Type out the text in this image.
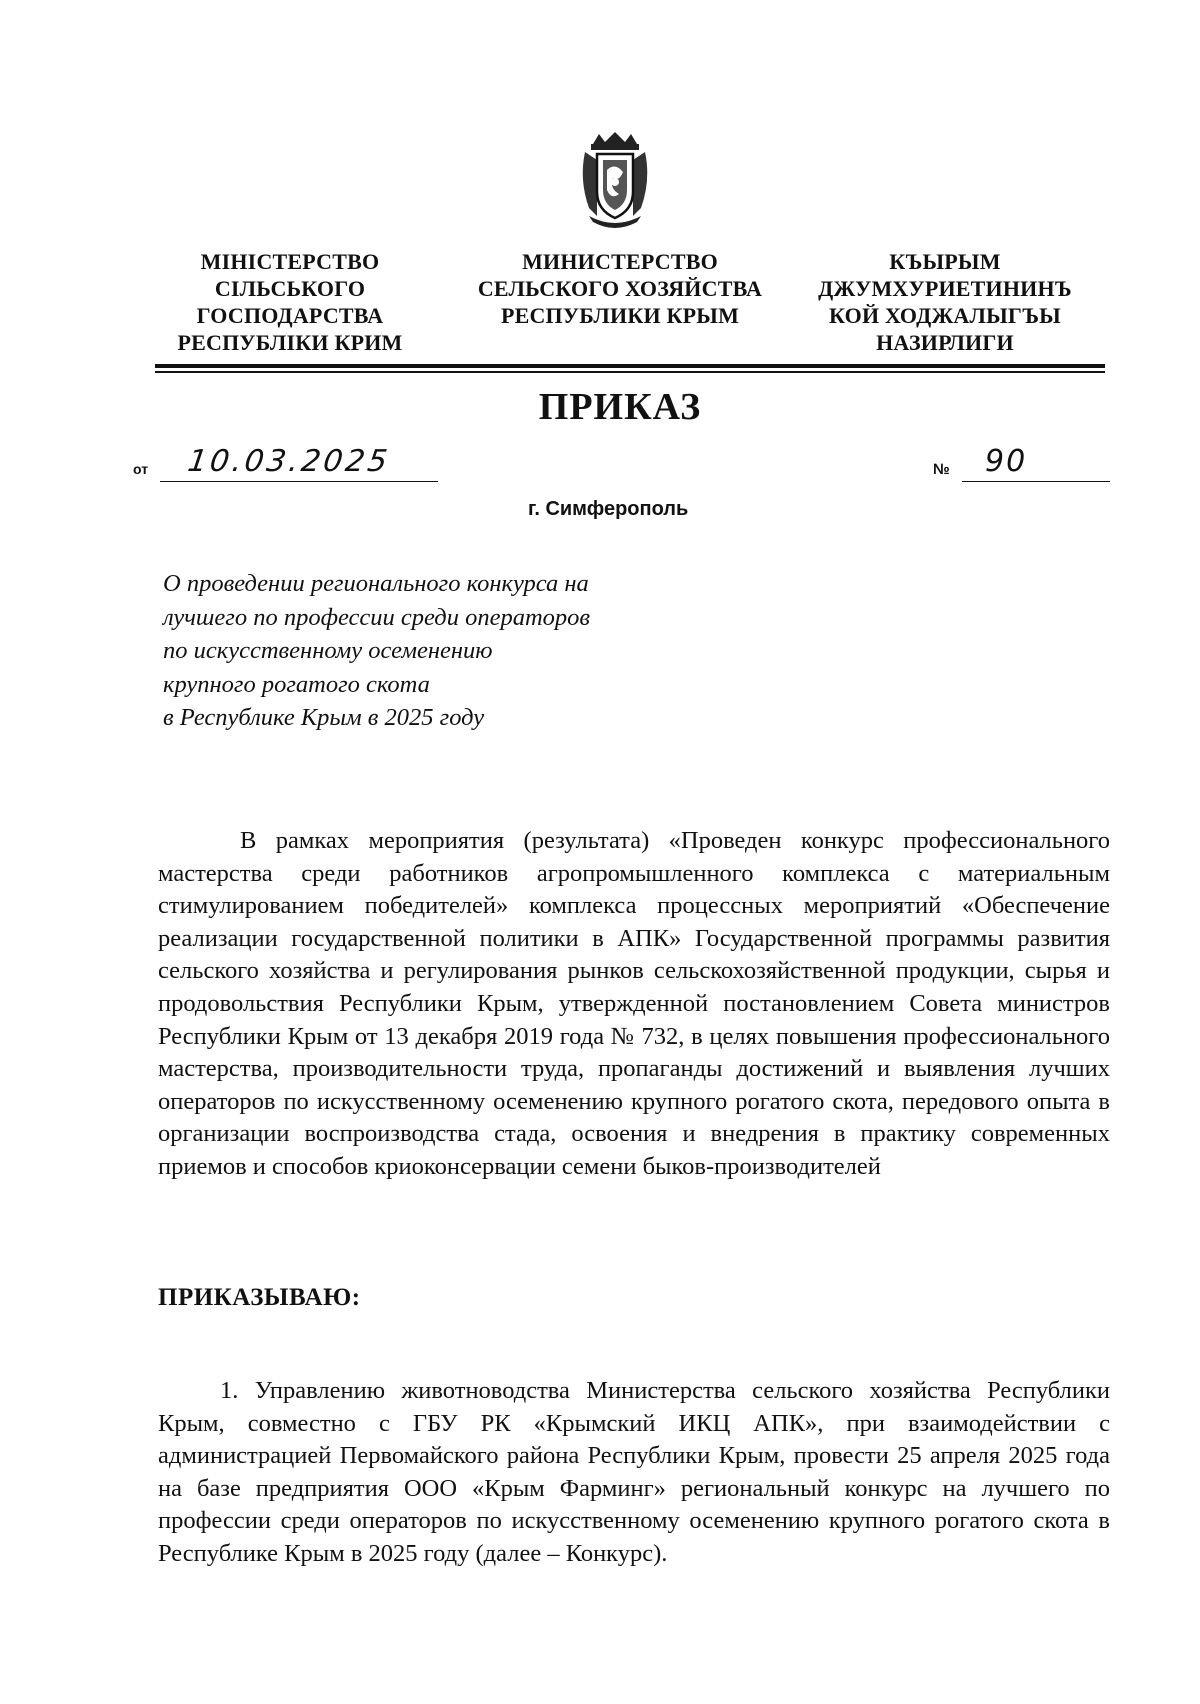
МІНІСТЕРСТВО
СІЛЬСЬКОГО
ГОСПОДАРСТВА
РЕСПУБЛІКИ КРИМ
МИНИСТЕРСТВО
СЕЛЬСКОГО ХОЗЯЙСТВА
РЕСПУБЛИКИ КРЫМ
КЪЫРЫМ
ДЖУМХУРИЕТИНИНЪ
КОЙ ХОДЖАЛЫГЪЫ
НАЗИРЛИГИ
ПРИКАЗ
от 10.03.2025	№ 90
г. Симферополь
О проведении регионального конкурса на
лучшего по профессии среди операторов
по искусственному осеменению
крупного рогатого скота
в Республике Крым в 2025 году

В рамках мероприятия (результата) «Проведен конкурс профессионального мастерства среди работников агропромышленного комплекса с материальным стимулированием победителей» комплекса процессных мероприятий «Обеспечение реализации государственной политики в АПК» Государственной программы развития сельского хозяйства и регулирования рынков сельскохозяйственной продукции, сырья и продовольствия Республики Крым, утвержденной постановлением Совета министров Республики Крым от 13 декабря 2019 года № 732, в целях повышения профессионального мастерства, производительности труда, пропаганды достижений и выявления лучших операторов по искусственному осеменению крупного рогатого скота, передового опыта в организации воспроизводства стада, освоения и внедрения в практику современных приемов и способов криоконсервации семени быков-производителей

ПРИКАЗЫВАЮ:

1. Управлению животноводства Министерства сельского хозяйства Республики Крым, совместно с ГБУ РК «Крымский ИКЦ АПК», при взаимодействии с администрацией Первомайского района Республики Крым, провести 25 апреля 2025 года на базе предприятия ООО «Крым Фарминг» региональный конкурс на лучшего по профессии среди операторов по искусственному осеменению крупного рогатого скота в Республике Крым в 2025 году (далее – Конкурс).
